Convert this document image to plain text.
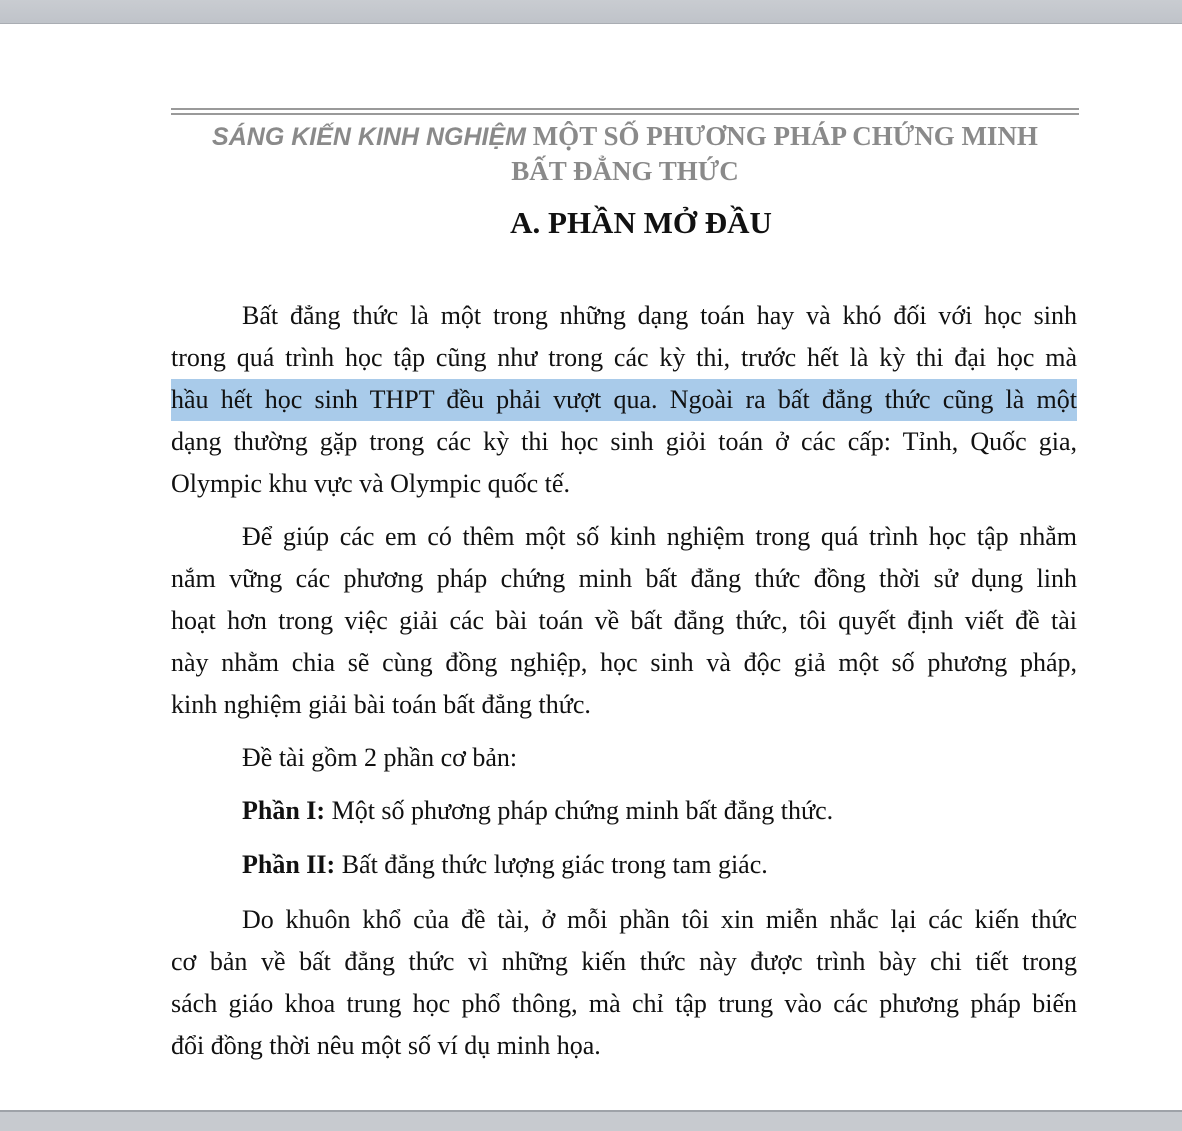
SÁNG KIẾN KINH NGHIỆM MỘT SỐ PHƯƠNG PHÁP CHỨNG MINH
BẤT ĐẲNG THỨC
A. PHẦN MỞ ĐẦU
Bất đẳng thức là một trong những dạng toán hay và khó đối với học sinh
trong quá trình học tập cũng như trong các kỳ thi, trước hết là kỳ thi đại học mà
hầu hết học sinh THPT đều phải vượt qua. Ngoài ra bất đẳng thức cũng là một
dạng thường gặp trong các kỳ thi học sinh giỏi toán ở các cấp: Tỉnh, Quốc gia,
Olympic khu vực và Olympic quốc tế.
Để giúp các em có thêm một số kinh nghiệm trong quá trình học tập nhằm
nắm vững các phương pháp chứng minh bất đẳng thức đồng thời sử dụng linh
hoạt hơn trong việc giải các bài toán về bất đẳng thức, tôi quyết định viết đề tài
này nhằm chia sẽ cùng đồng nghiệp, học sinh và độc giả một số phương pháp,
kinh nghiệm giải bài toán bất đẳng thức.
Đề tài gồm 2 phần cơ bản:
Phần I: Một số phương pháp chứng minh bất đẳng thức.
Phần II: Bất đẳng thức lượng giác trong tam giác.
Do khuôn khổ của đề tài, ở mỗi phần tôi xin miễn nhắc lại các kiến thức
cơ bản về bất đẳng thức vì những kiến thức này được trình bày chi tiết trong
sách giáo khoa trung học phổ thông, mà chỉ tập trung vào các phương pháp biến
đổi đồng thời nêu một số ví dụ minh họa.
